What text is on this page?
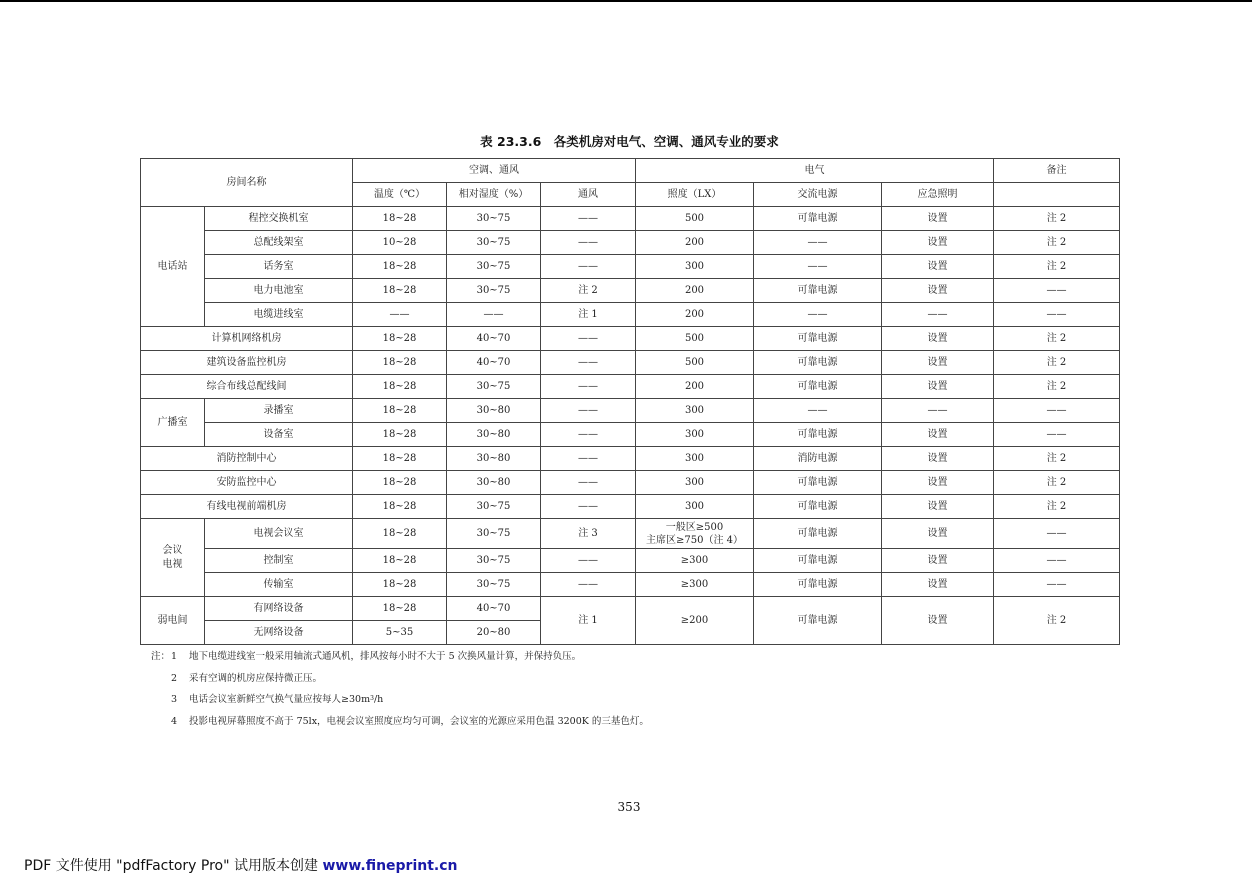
表 23.3.6　各类机房对电气、空调、通风专业的要求
房间名称		空调、通风			电气			备注
		温度（℃）	相对湿度（%）	通风	照度（LX）	交流电源	应急照明	
电话站	程控交换机室	18~28	30~75	——	500	可靠电源	设置	注 2
	总配线架室	10~28	30~75	——	200	——	设置	注 2
	话务室	18~28	30~75	——	300	——	设置	注 2
	电力电池室	18~28	30~75	注 2	200	可靠电源	设置	——
	电缆进线室	——	——	注 1	200	——	——	——
计算机网络机房		18~28	40~70	——	500	可靠电源	设置	注 2
建筑设备监控机房		18~28	40~70	——	500	可靠电源	设置	注 2
综合布线总配线间		18~28	30~75	——	200	可靠电源	设置	注 2
广播室	录播室	18~28	30~80	——	300	——	——	——
	设备室	18~28	30~80	——	300	可靠电源	设置	——
消防控制中心		18~28	30~80	——	300	消防电源	设置	注 2
安防监控中心		18~28	30~80	——	300	可靠电源	设置	注 2
有线电视前端机房		18~28	30~75	——	300	可靠电源	设置	注 2
会议电视	电视会议室	18~28	30~75	注 3	一般区≥500
主席区≥750（注 4）	可靠电源	设置	——
	控制室	18~28	30~75	——	≥300	可靠电源	设置	——
	传输室	18~28	30~75	——	≥300	可靠电源	设置	——
弱电间	有网络设备	18~28	40~70	注 1	≥200	可靠电源	设置	注 2
	无网络设备	5~35	20~80					
注：1 地下电缆进线室一般采用轴流式通风机，排风按每小时不大于 5 次换风量计算，并保持负压。
2 采有空调的机房应保持微正压。
3 电话会议室新鲜空气换气量应按每人$\ge 30m^3/h$
4 投影电视屏幕照度不高于 75lx，电视会议室照度应均匀可调，会议室的光源应采用色温 3200K 的三基色灯。
353
PDF 文件使用 "pdfFactory Pro" 试用版本创建 www.fineprint.cn
